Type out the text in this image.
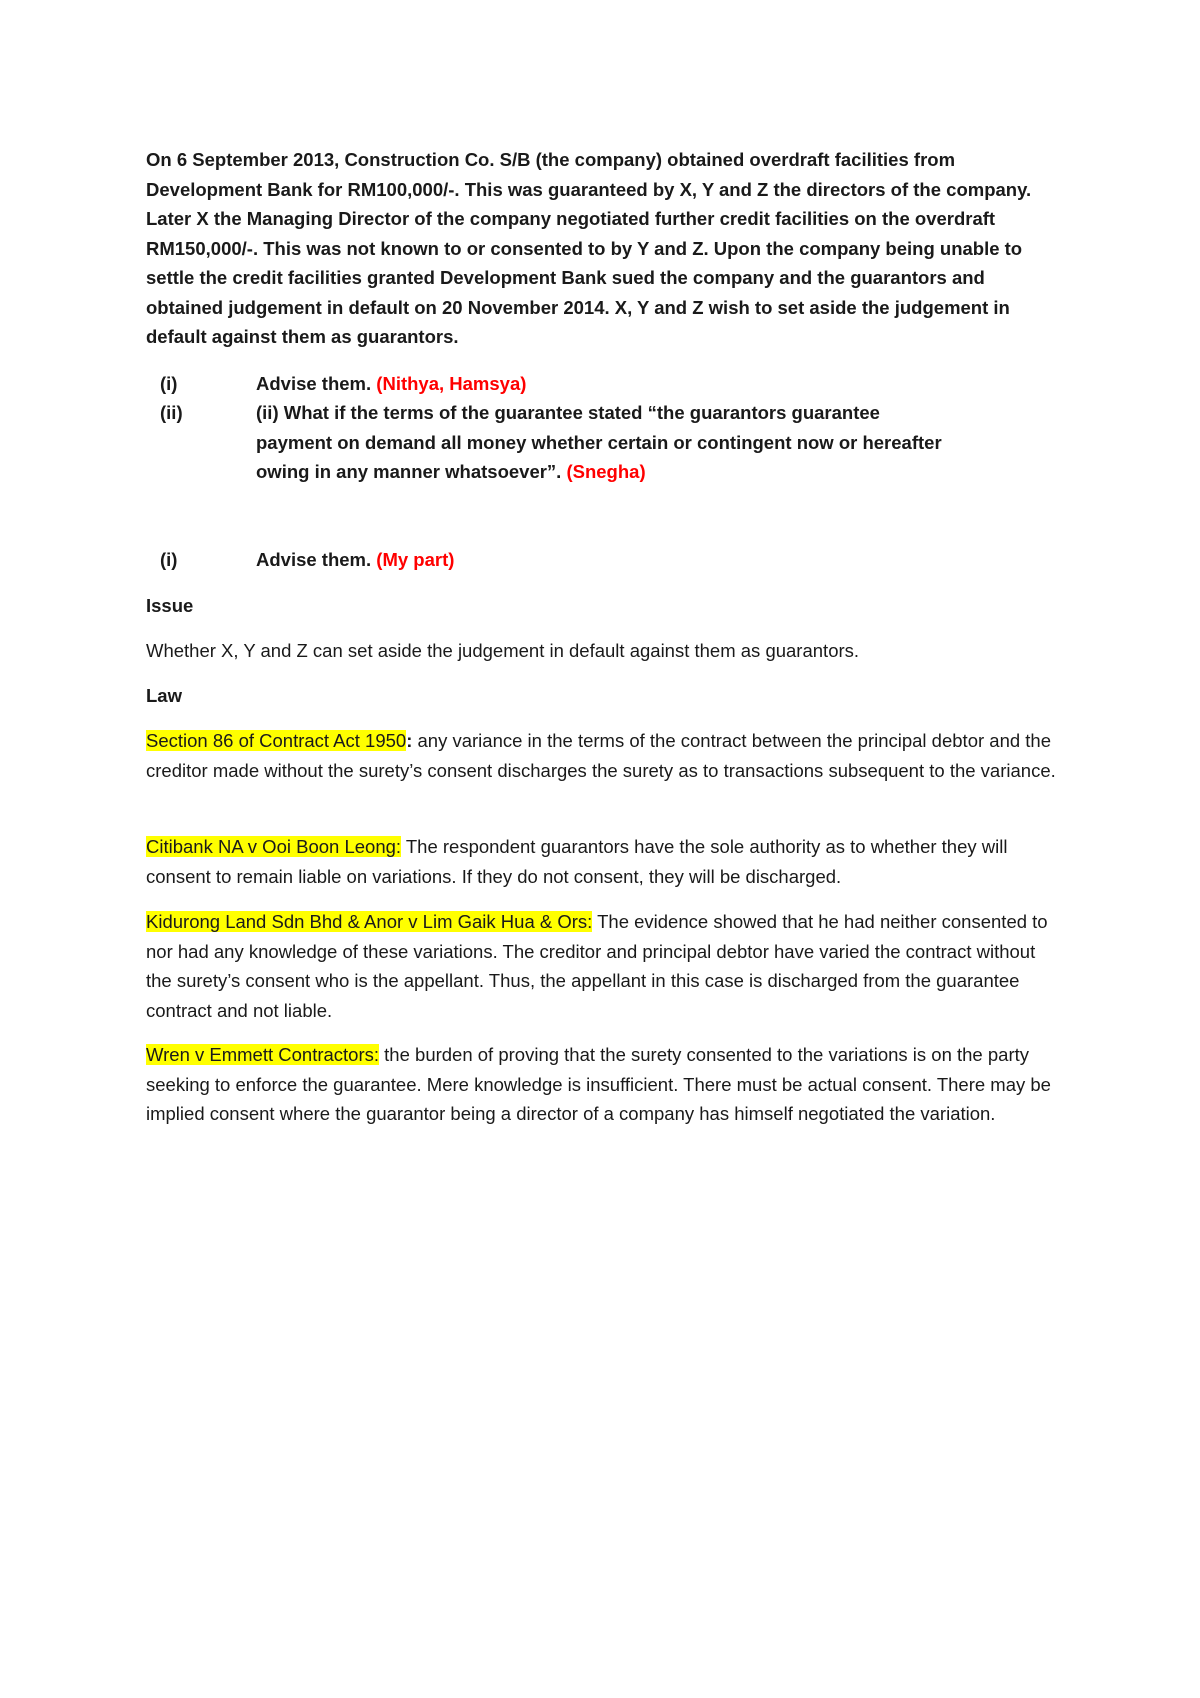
On 6 September 2013, Construction Co. S/B (the company) obtained overdraft facilities from Development Bank for RM100,000/-. This was guaranteed by X, Y and Z the directors of the company. Later X the Managing Director of the company negotiated further credit facilities on the overdraft RM150,000/-. This was not known to or consented to by Y and Z. Upon the company being unable to settle the credit facilities granted Development Bank sued the company and the guarantors and obtained judgement in default on 20 November 2014. X, Y and Z wish to set aside the judgement in default against them as guarantors.
(i)	Advise them. (Nithya, Hamsya)
(ii)	(ii) What if the terms of the guarantee stated “the guarantors guarantee payment on demand all money whether certain or contingent now or hereafter owing in any manner whatsoever”. (Snegha)
(i)	Advise them. (My part)
Issue
Whether X, Y and Z can set aside the judgement in default against them as guarantors.
Law
Section 86 of Contract Act 1950: any variance in the terms of the contract between the principal debtor and the creditor made without the surety’s consent discharges the surety as to transactions subsequent to the variance.
Citibank NA v Ooi Boon Leong: The respondent guarantors have the sole authority as to whether they will consent to remain liable on variations. If they do not consent, they will be discharged.
Kidurong Land Sdn Bhd & Anor v Lim Gaik Hua & Ors: The evidence showed that he had neither consented to nor had any knowledge of these variations. The creditor and principal debtor have varied the contract without the surety’s consent who is the appellant. Thus, the appellant in this case is discharged from the guarantee contract and not liable.
Wren v Emmett Contractors: the burden of proving that the surety consented to the variations is on the party seeking to enforce the guarantee. Mere knowledge is insufficient. There must be actual consent. There may be implied consent where the guarantor being a director of a company has himself negotiated the variation.
